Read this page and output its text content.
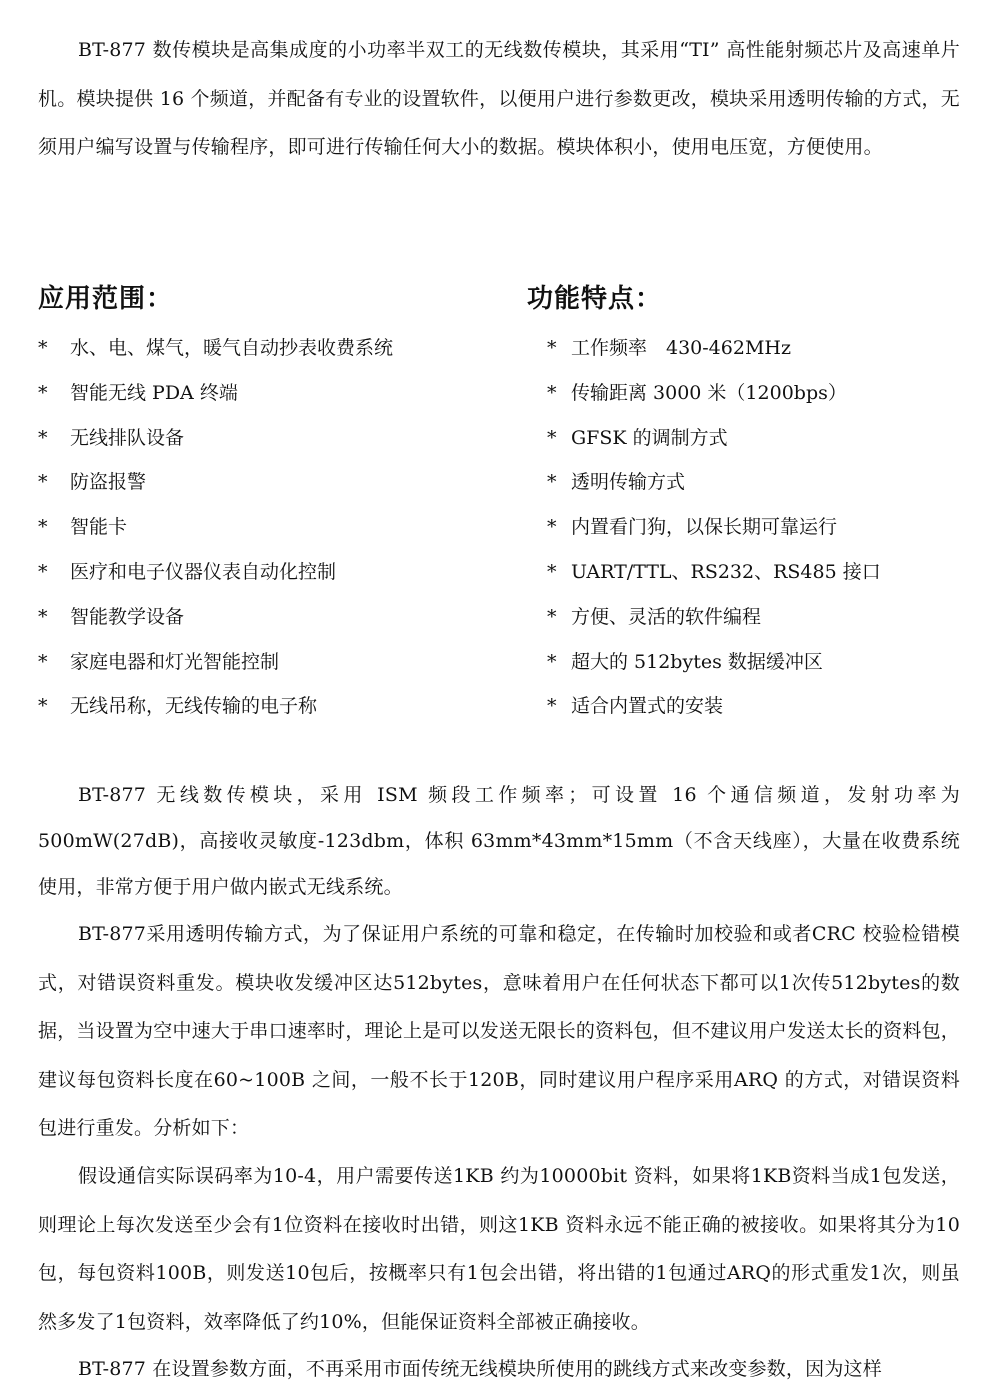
BT-877 数传模块是高集成度的小功率半双工的无线数传模块，其采用“TI” 高性能射频芯片及高速单片机。模块提供 16 个频道，并配备有专业的设置软件，以便用户进行参数更改，模块采用透明传输的方式，无须用户编写设置与传输程序，即可进行传输任何大小的数据。模块体积小，使用电压宽，方便使用。

应用范围：
* 水、电、煤气，暖气自动抄表收费系统
* 智能无线 PDA 终端
* 无线排队设备
* 防盗报警
* 智能卡
* 医疗和电子仪器仪表自动化控制
* 智能教学设备
* 家庭电器和灯光智能控制
* 无线吊称，无线传输的电子称
功能特点：
* 工作频率　430-462MHz
* 传输距离 3000 米（1200bps）
* GFSK 的调制方式
* 透明传输方式
* 内置看门狗，以保长期可靠运行
* UART/TTL、RS232、RS485 接口
* 方便、灵活的软件编程
* 超大的 512bytes 数据缓冲区
* 适合内置式的安装

BT-877 无线数传模块，采用 ISM 频段工作频率；可设置 16 个通信频道，发射功率为 500mW(27dB)，高接收灵敏度-123dbm，体积 63mm*43mm*15mm（不含天线座），大量在收费系统使用，非常方便于用户做内嵌式无线系统。

BT-877采用透明传输方式，为了保证用户系统的可靠和稳定，在传输时加校验和或者CRC 校验检错模式，对错误资料重发。模块收发缓冲区达512bytes，意味着用户在任何状态下都可以1次传512bytes的数据，当设置为空中速大于串口速率时，理论上是可以发送无限长的资料包，但不建议用户发送太长的资料包，建议每包资料长度在60~100B 之间，一般不长于120B，同时建议用户程序采用ARQ 的方式，对错误资料包进行重发。分析如下：

假设通信实际误码率为10-4，用户需要传送1KB 约为10000bit 资料，如果将1KB资料当成1包发送，则理论上每次发送至少会有1位资料在接收时出错，则这1KB 资料永远不能正确的被接收。如果将其分为10包，每包资料100B，则发送10包后，按概率只有1包会出错，将出错的1包通过ARQ的形式重发1次，则虽然多发了1包资料，效率降低了约10%，但能保证资料全部被正确接收。

BT-877 在设置参数方面，不再采用市面传统无线模块所使用的跳线方式来改变参数，因为这样
